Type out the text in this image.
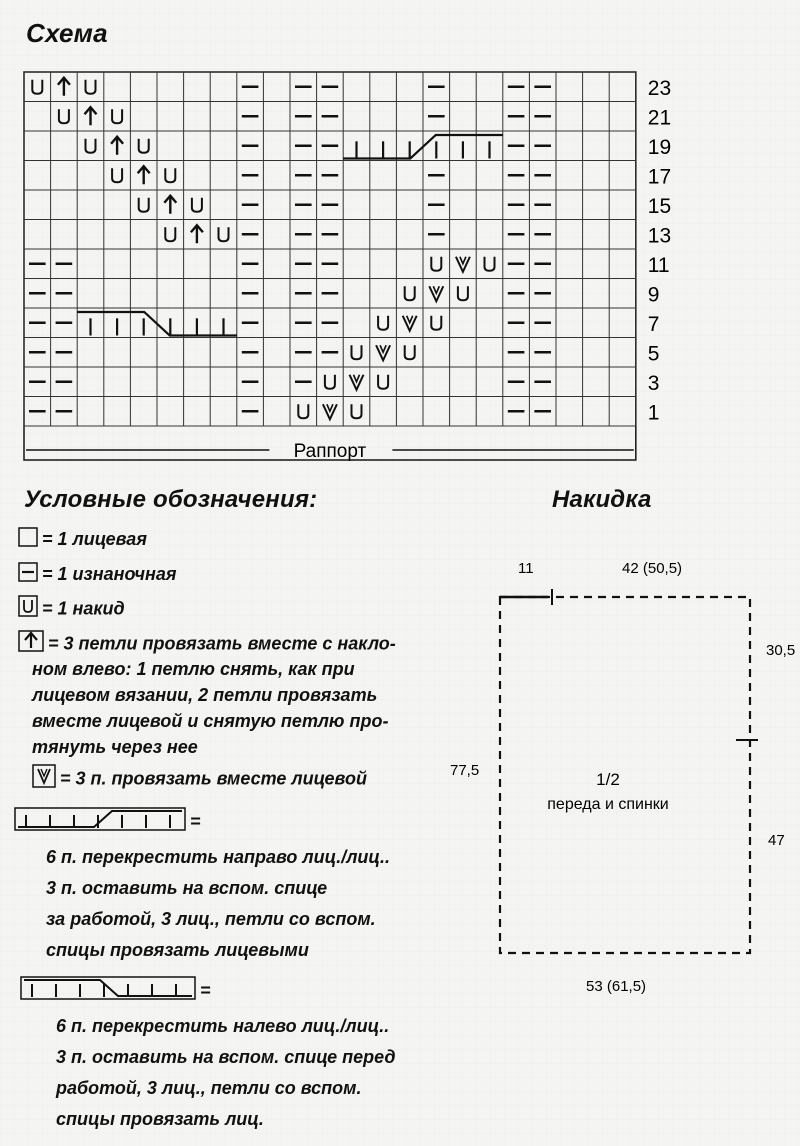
Схема
23
21
19
17
15
13
11
9
7
5
3
1
Раппорт
Условные обозначения:
= 1 лицевая
= 1 изнаночная
= 1 накид
= 3 петли провязать вместе с накло-
ном влево: 1 петлю снять, как при
лицевом вязании, 2 петли провязать
вместе лицевой и снятую петлю про-
тянуть через нее
= 3 п. провязать вместе лицевой
=
6 п. перекрестить направо лиц./лиц..
3 п. оставить на вспом. спице
за работой, 3 лиц., петли со вспом.
спицы провязать лицевыми
=
6 п. перекрестить налево лиц./лиц..
3 п. оставить на вспом. спице перед
работой, 3 лиц., петли со вспом.
спицы провязать лиц.
Накидка
11	42 (50,5)
30,5
47
77,5
53 (61,5)
1/2
переда и спинки
